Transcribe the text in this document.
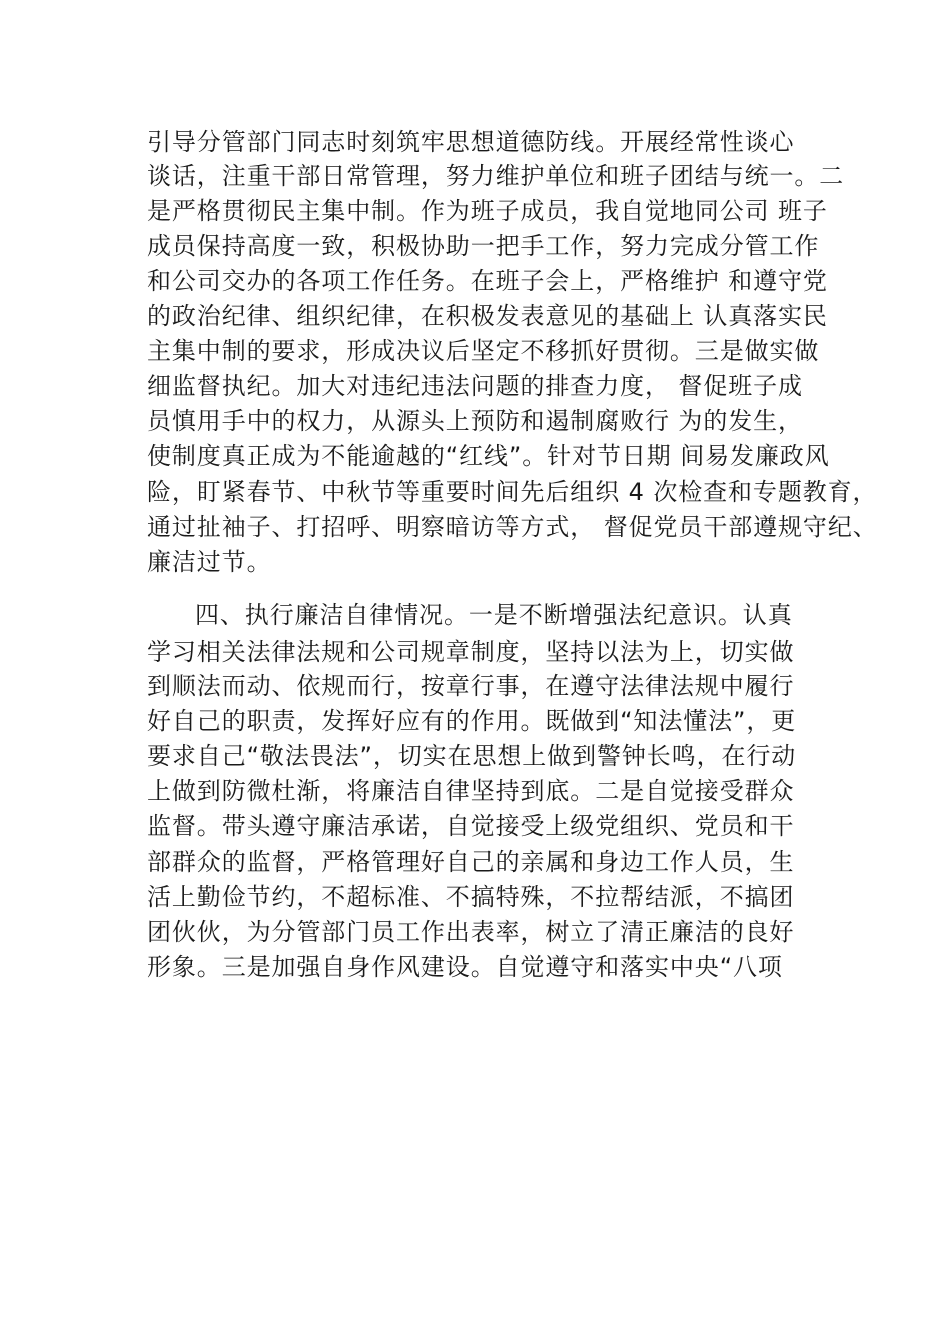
引导分管部门同志时刻筑牢思想道德防线。开展经常性谈心

谈话，注重干部日常管理，努力维护单位和班子团结与统一。二

是严格贯彻民主集中制。作为班子成员，我自觉地同公司 班子

成员保持高度一致，积极协助一把手工作，努力完成分管工作

和公司交办的各项工作任务。在班子会上，严格维护 和遵守党

的政治纪律、组织纪律，在积极发表意见的基础上 认真落实民

主集中制的要求，形成决议后坚定不移抓好贯彻。三是做实做

细监督执纪。加大对违纪违法问题的排查力度， 督促班子成

员慎用手中的权力，从源头上预防和遏制腐败行 为的发生，

使制度真正成为不能逾越的“红线”。针对节日期 间易发廉政风

险，盯紧春节、中秋节等重要时间先后组织 4 次检查和专题教育，

通过扯袖子、打招呼、明察暗访等方式， 督促党员干部遵规守纪、

廉洁过节。

四、执行廉洁自律情况。一是不断增强法纪意识。认真

学习相关法律法规和公司规章制度，坚持以法为上，切实做

到顺法而动、依规而行，按章行事，在遵守法律法规中履行

好自己的职责，发挥好应有的作用。既做到“知法懂法”，更

要求自己“敬法畏法”，切实在思想上做到警钟长鸣，在行动

上做到防微杜渐，将廉洁自律坚持到底。二是自觉接受群众

监督。带头遵守廉洁承诺，自觉接受上级党组织、党员和干

部群众的监督，严格管理好自己的亲属和身边工作人员，生

活上勤俭节约，不超标准、不搞特殊，不拉帮结派，不搞团

团伙伙，为分管部门员工作出表率，树立了清正廉洁的良好

形象。三是加强自身作风建设。自觉遵守和落实中央“八项
